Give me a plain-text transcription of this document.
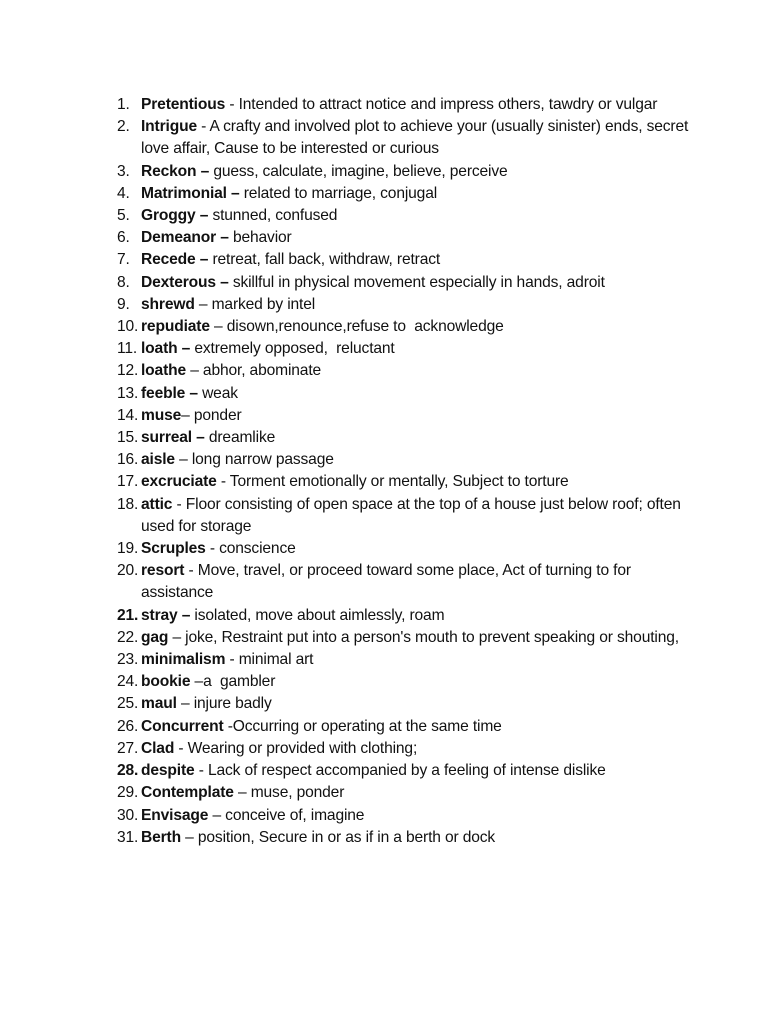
1. Pretentious - Intended to attract notice and impress others, tawdry or vulgar
2. Intrigue - A crafty and involved plot to achieve your (usually sinister) ends, secret love affair, Cause to be interested or curious
3. Reckon – guess, calculate, imagine, believe, perceive
4. Matrimonial – related to marriage, conjugal
5. Groggy – stunned, confused
6. Demeanor – behavior
7. Recede – retreat, fall back, withdraw, retract
8. Dexterous – skillful in physical movement especially in hands, adroit
9. shrewd – marked by intel
10. repudiate – disown,renounce,refuse to  acknowledge
11. loath – extremely opposed,  reluctant
12. loathe – abhor, abominate
13. feeble – weak
14. muse– ponder
15. surreal – dreamlike
16. aisle – long narrow passage
17. excruciate - Torment emotionally or mentally, Subject to torture
18. attic - Floor consisting of open space at the top of a house just below roof; often used for storage
19. Scruples - conscience
20. resort - Move, travel, or proceed toward some place, Act of turning to for assistance
21. stray – isolated, move about aimlessly, roam
22. gag – joke, Restraint put into a person's mouth to prevent speaking or shouting,
23. minimalism - minimal art
24. bookie –a  gambler
25. maul – injure badly
26. Concurrent -Occurring or operating at the same time
27. Clad - Wearing or provided with clothing;
28. despite - Lack of respect accompanied by a feeling of intense dislike
29. Contemplate – muse, ponder
30. Envisage – conceive of, imagine
31. Berth – position, Secure in or as if in a berth or dock
